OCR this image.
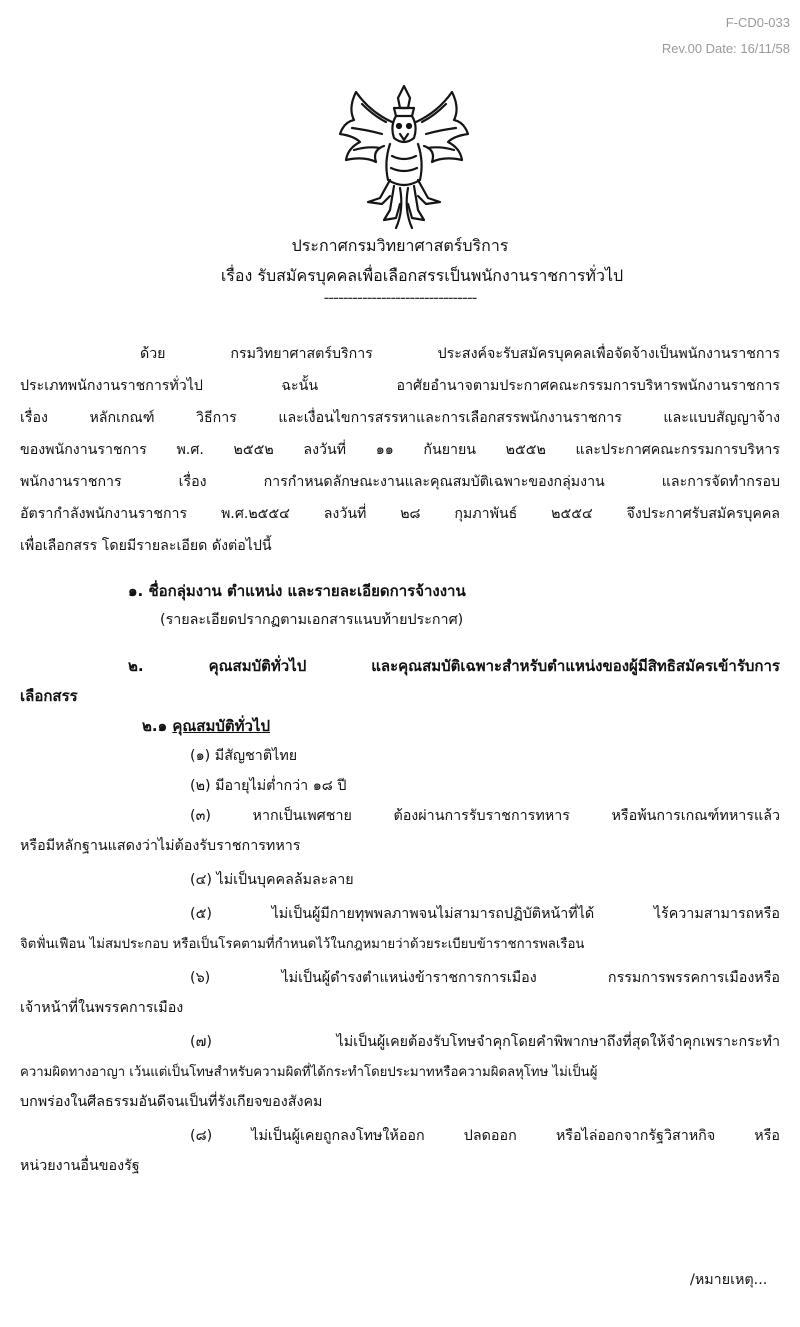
F-CD0-033
Rev.00 Date: 16/11/58
ประกาศกรมวิทยาศาสตร์บริการ
เรื่อง รับสมัครบุคคลเพื่อเลือกสรรเป็นพนักงานราชการทั่วไป
--------------------------------
ด้วย กรมวิทยาศาสตร์บริการ ประสงค์จะรับสมัครบุคคลเพื่อจัดจ้างเป็นพนักงานราชการ
ประเภทพนักงานราชการทั่วไป ฉะนั้น อาศัยอำนาจตามประกาศคณะกรรมการบริหารพนักงานราชการ
เรื่อง หลักเกณฑ์ วิธีการ และเงื่อนไขการสรรหาและการเลือกสรรพนักงานราชการ และแบบสัญญาจ้าง
ของพนักงานราชการ พ.ศ. ๒๕๕๒ ลงวันที่ ๑๑ กันยายน ๒๕๕๒ และประกาศคณะกรรมการบริหาร
พนักงานราชการ เรื่อง การกำหนดลักษณะงานและคุณสมบัติเฉพาะของกลุ่มงาน และการจัดทำกรอบ
อัตรากำลังพนักงานราชการ พ.ศ.๒๕๕๔ ลงวันที่ ๒๘ กุมภาพันธ์ ๒๕๕๔ จึงประกาศรับสมัครบุคคล
เพื่อเลือกสรร โดยมีรายละเอียด ดังต่อไปนี้
๑. ชื่อกลุ่มงาน ตำแหน่ง และรายละเอียดการจ้างงาน
(รายละเอียดปรากฏตามเอกสารแนบท้ายประกาศ)
๒. คุณสมบัติทั่วไป และคุณสมบัติเฉพาะสำหรับตำแหน่งของผู้มีสิทธิสมัครเข้ารับการ
เลือกสรร
๒.๑ คุณสมบัติทั่วไป
(๑) มีสัญชาติไทย
(๒) มีอายุไม่ต่ำกว่า ๑๘ ปี
(๓) หากเป็นเพศชาย ต้องผ่านการรับราชการทหาร หรือพ้นการเกณฑ์ทหารแล้ว
หรือมีหลักฐานแสดงว่าไม่ต้องรับราชการทหาร
(๔) ไม่เป็นบุคคลล้มละลาย
(๕) ไม่เป็นผู้มีกายทุพพลภาพจนไม่สามารถปฏิบัติหน้าที่ได้ ไร้ความสามารถหรือ
จิตฟั่นเฟือน ไม่สมประกอบ หรือเป็นโรคตามที่กำหนดไว้ในกฎหมายว่าด้วยระเบียบข้าราชการพลเรือน
(๖) ไม่เป็นผู้ดำรงตำแหน่งข้าราชการการเมือง กรรมการพรรคการเมืองหรือ
เจ้าหน้าที่ในพรรคการเมือง
(๗) ไม่เป็นผู้เคยต้องรับโทษจำคุกโดยคำพิพากษาถึงที่สุดให้จำคุกเพราะกระทำ
ความผิดทางอาญา เว้นแต่เป็นโทษสำหรับความผิดที่ได้กระทำโดยประมาทหรือความผิดลหุโทษ ไม่เป็นผู้
บกพร่องในศีลธรรมอันดีจนเป็นที่รังเกียจของสังคม
(๘) ไม่เป็นผู้เคยถูกลงโทษให้ออก ปลดออก หรือไล่ออกจากรัฐวิสาหกิจ หรือ
หน่วยงานอื่นของรัฐ
/หมายเหตุ...
